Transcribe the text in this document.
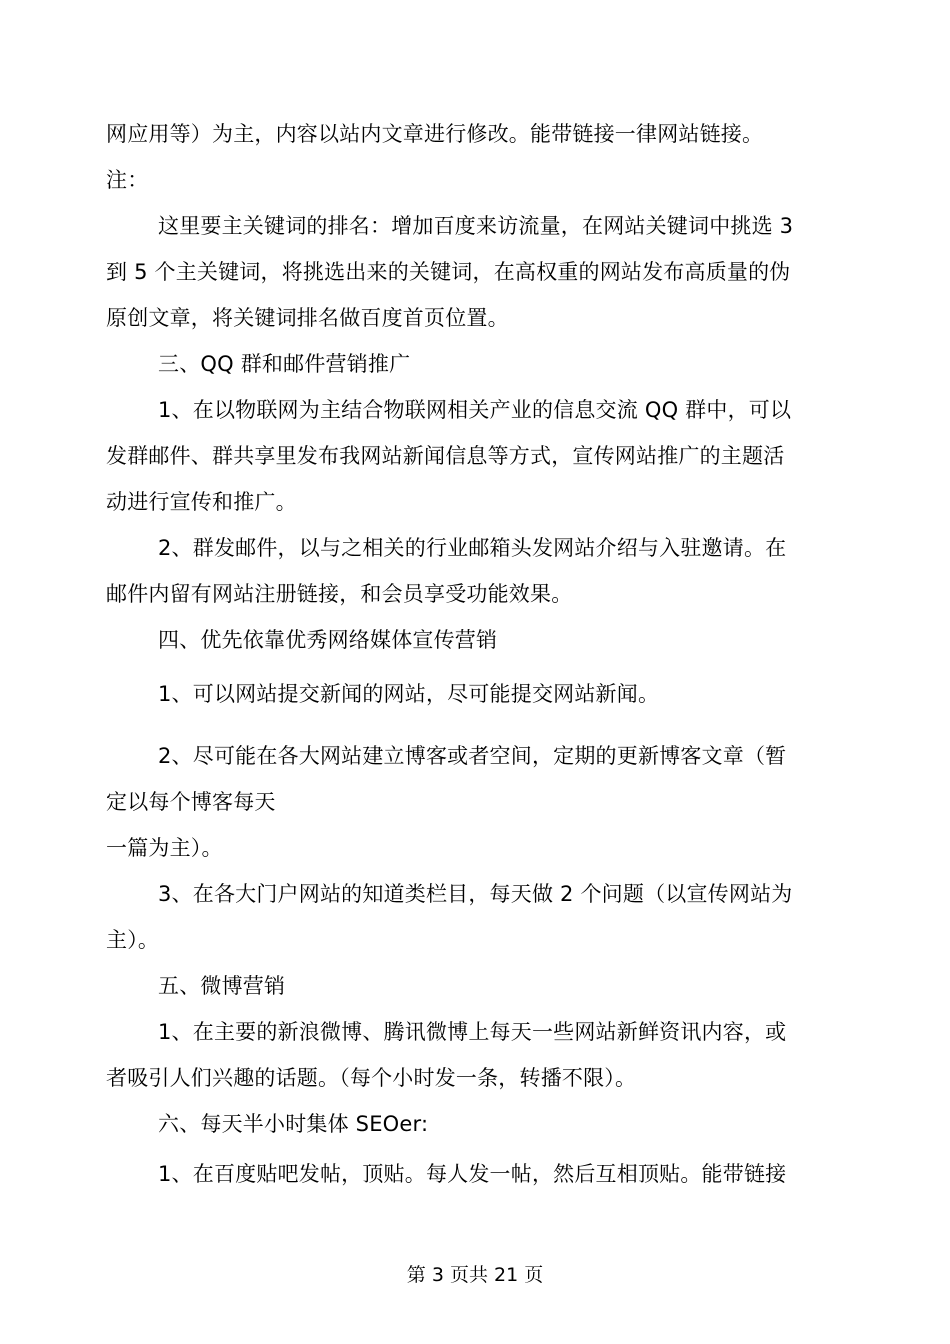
网应用等）为主，内容以站内文章进行修改。能带链接一律网站链接。
注：
这里要主关键词的排名：增加百度来访流量，在网站关键词中挑选 3
到 5 个主关键词，将挑选出来的关键词，在高权重的网站发布高质量的伪
原创文章，将关键词排名做百度首页位置。
三、QQ 群和邮件营销推广
1、在以物联网为主结合物联网相关产业的信息交流 QQ 群中，可以
发群邮件、群共享里发布我网站新闻信息等方式，宣传网站推广的主题活
动进行宣传和推广。
2、群发邮件，以与之相关的行业邮箱头发网站介绍与入驻邀请。在
邮件内留有网站注册链接，和会员享受功能效果。
四、优先依靠优秀网络媒体宣传营销
1、可以网站提交新闻的网站，尽可能提交网站新闻。
2、尽可能在各大网站建立博客或者空间，定期的更新博客文章（暂
定以每个博客每天
一篇为主）。
3、在各大门户网站的知道类栏目，每天做 2 个问题（以宣传网站为
主）。
五、微博营销
1、在主要的新浪微博、腾讯微博上每天一些网站新鲜资讯内容，或
者吸引人们兴趣的话题。（每个小时发一条，转播不限）。
六、每天半小时集体 SEOer:
1、在百度贴吧发帖，顶贴。每人发一帖，然后互相顶贴。能带链接
第 3 页共 21 页
